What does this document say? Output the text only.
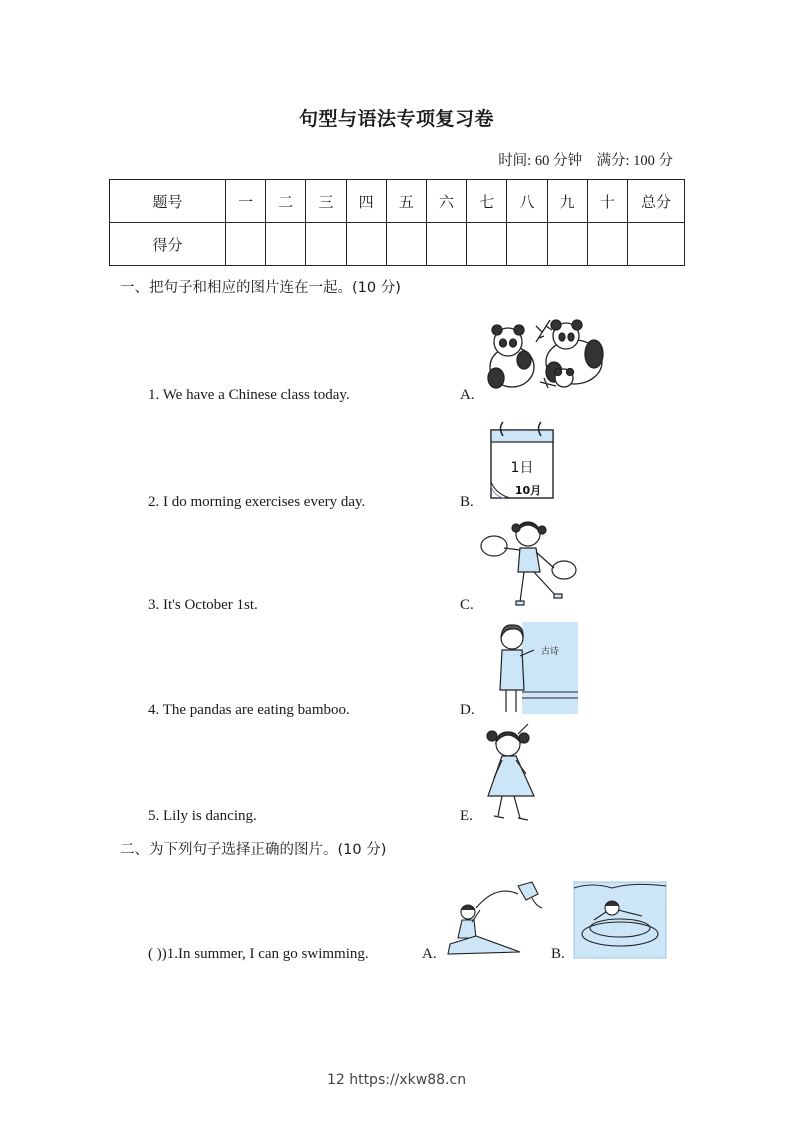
句型与语法专项复习卷
时间: 60 分钟 满分: 100 分
题号	一	二	三	四	五	六	七	八	九	十	总分
得分											
一、把句子和相应的图片连在一起。(10 分)
1. We have a Chinese class today.	A.
2. I do morning exercises every day.	B.
3. It's October 1st.	C.
4. The pandas are eating bamboo.	D.
5. Lily is dancing.	E.
1日
10月
古诗
二、为下列句子选择正确的图片。(10 分)
( ))1.In summer, I can go swimming.	A.	B.
12 https://xkw88.cn
